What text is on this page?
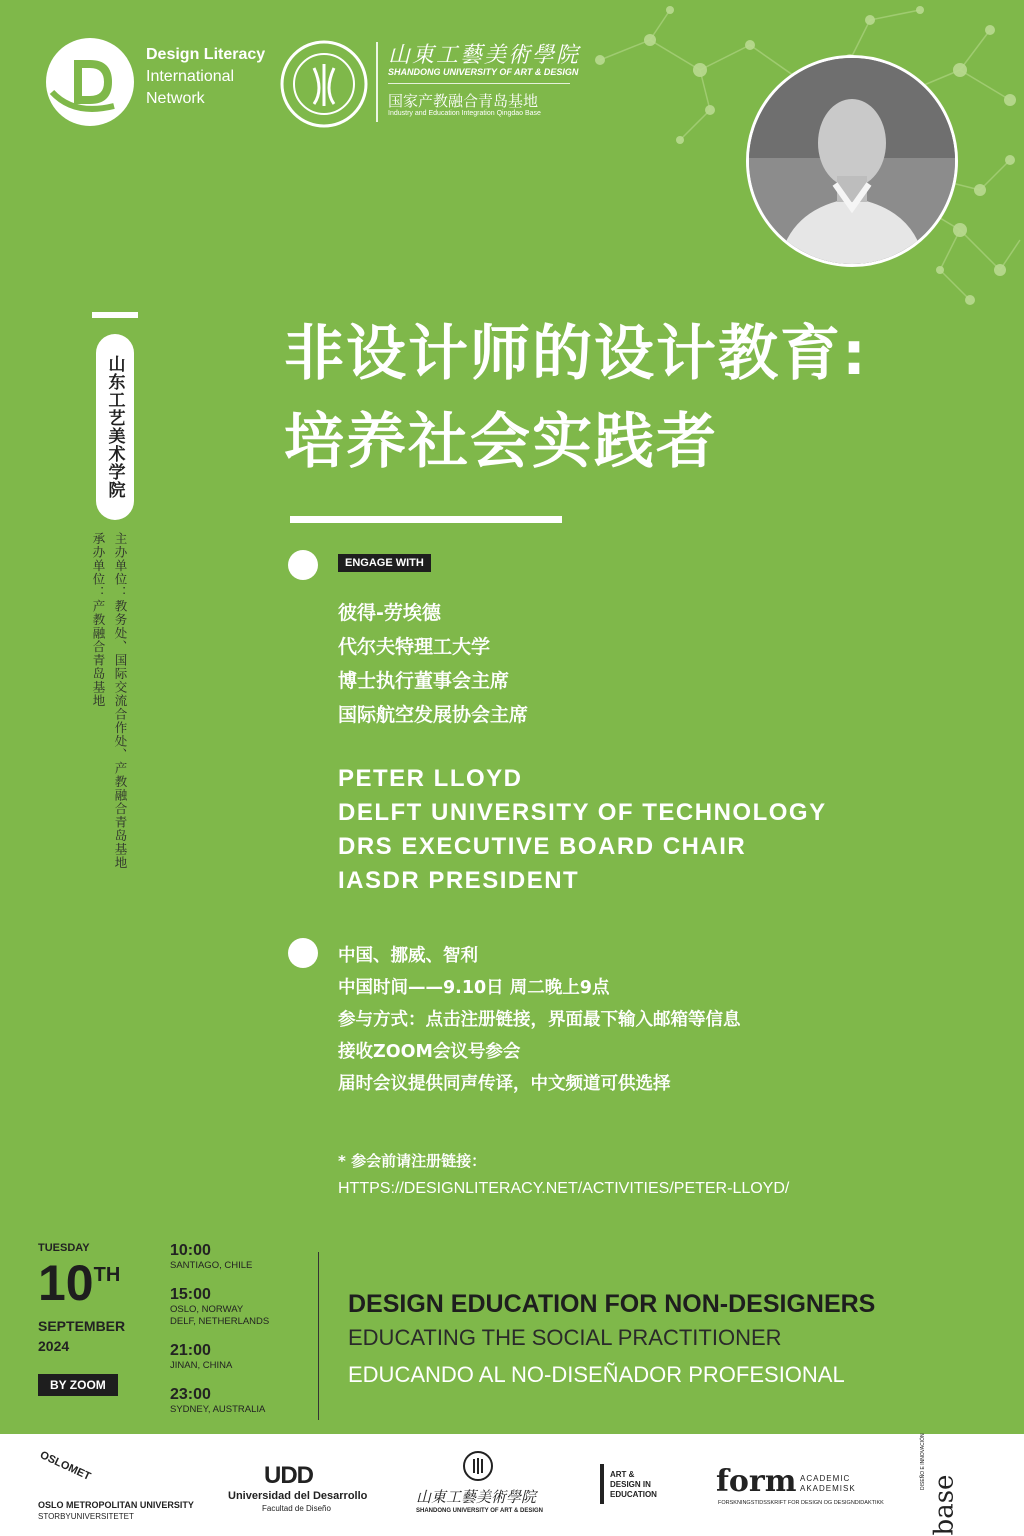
Design Literacy
International
Network
山東工藝美術學院
SHANDONG UNIVERSITY OF ART & DESIGN
国家产教融合青岛基地
Industry and Education Integration Qingdao Base
山东工艺美术学院
主办单位：教务处、国际交流合作处、产教融合青岛基地
承办单位：产教融合青岛基地
非设计师的设计教育:
培养社会实践者
ENGAGE WITH
彼得-劳埃德
代尔夫特理工大学
博士执行董事会主席
国际航空发展协会主席
PETER LLOYD
DELFT UNIVERSITY OF TECHNOLOGY
DRS EXECUTIVE BOARD CHAIR
IASDR PRESIDENT
中国、挪威、智利
中国时间——9.10日 周二晚上9点
参与方式：点击注册链接，界面最下输入邮箱等信息
接收ZOOM会议号参会
届时会议提供同声传译，中文频道可供选择
* 参会前请注册链接：
HTTPS://DESIGNLITERACY.NET/ACTIVITIES/PETER-LLOYD/
TUESDAY
10TH
SEPTEMBER
2024
BY ZOOM
10:00
SANTIAGO, CHILE
15:00
OSLO, NORWAY
DELF, NETHERLANDS
21:00
JINAN, CHINA
23:00
SYDNEY, AUSTRALIA
DESIGN EDUCATION FOR NON-DESIGNERS
EDUCATING THE SOCIAL PRACTITIONER
EDUCANDO AL NO-DISEÑADOR PROFESIONAL
OSLOMET
OSLO METROPOLITAN UNIVERSITY
STORBYUNIVERSITETET
UDD
Universidad del Desarrollo
Facultad de Diseño
山東工藝美術學院
SHANDONG UNIVERSITY OF ART & DESIGN
ART & DESIGN IN EDUCATION form ACADEMIC AKADEMISK
FORSKNINGSTIDSSKRIFT FOR DESIGN OG DESIGNDIDAKTIKK base
DISEÑO E INNOVACIÓN
